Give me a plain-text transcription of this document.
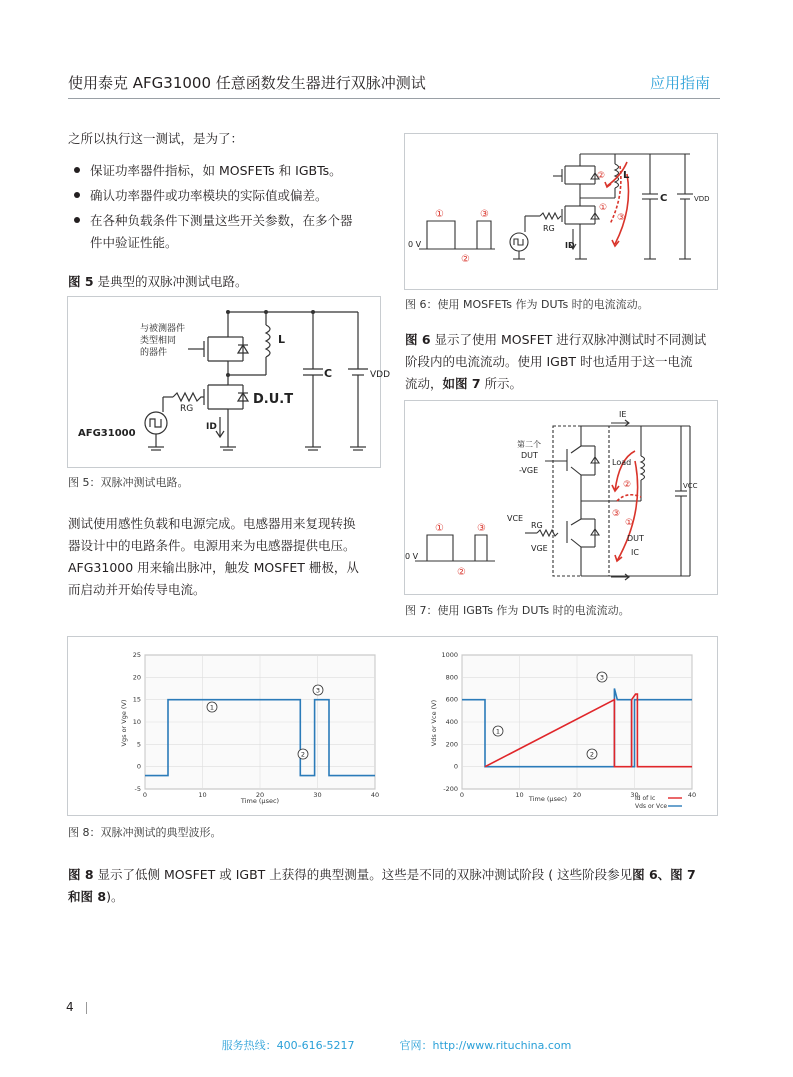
使用泰克 AFG31000 任意函数发生器进行双脉冲测试	应用指南
之所以执行这一测试，是为了：
保证功率器件指标，如 MOSFETs 和 IGBTs。
确认功率器件或功率模块的实际值或偏差。
在各种负载条件下测量这些开关参数，在多个器
件中验证性能。
图 5 是典型的双脉冲测试电路。
与被测器件
类型相同
的器件
L
C	VDD
RG
D.U.T
AFG31000
ID
图 5：双脉冲测试电路。
测试使用感性负载和电源完成。电感器用来复现转换
器设计中的电路条件。电源用来为电感器提供电压。
AFG31000 用来输出脉冲，触发 MOSFET 栅极，从
而启动并开始传导电流。
L
C	VDD
RG
ID
0 V
①	③
②
②
①
③
图 6：使用 MOSFETs 作为 DUTs 时的电流流动。
图 6 显示了使用 MOSFET 进行双脉冲测试时不同测试
阶段内的电流流动。使用 IGBT 时也适用于这一电流
流动，如图 7 所示。
第二个
DUT
-VGE
Load
VCC
IE
VCE
RG
VGE
DUT
IC
0 V
①	③
②
②
①
③
图 7：使用 IGBTs 作为 DUTs 时的电流流动。
25
20
15
10
5
0
-5
0	10	20	30	40
Vgs or Vge (V)
Time (μsec)
1000
800
600
400
200
0
-200
0	10	20	30	40
Vds or Vce (V)
Time (μsec)	Id of Ic
Vds or Vce
1
2
3
1
2
3
图 8：双脉冲测试的典型波形。
图 8 显示了低侧 MOSFET 或 IGBT 上获得的典型测量。这些是不同的双脉冲测试阶段 ( 这些阶段参见图 6、图 7
和图 8)。
4
服务热线：400-616-5217	官网：http://www.rituchina.com
